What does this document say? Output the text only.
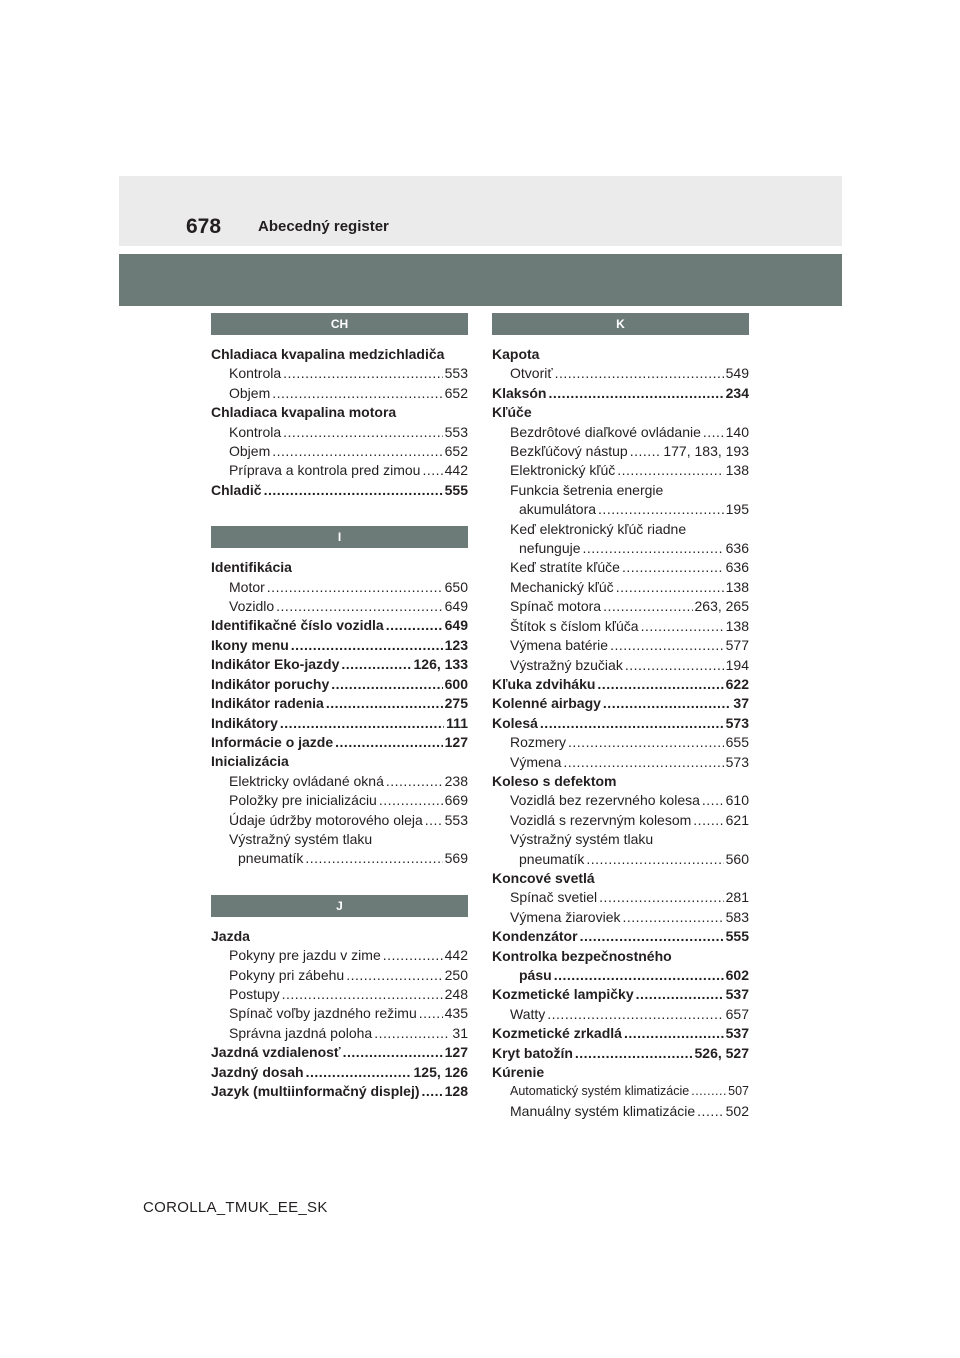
678 Abecedný register
CH
Chladiaca kvapalina medzichladiča
Kontrola .....	553
Objem .....	652
Chladiaca kvapalina motora
Kontrola .....	553
Objem .....	652
Príprava a kontrola pred zimou ..... 442
Chladič .....	555
I
Identifikácia
Motor .....	650
Vozidlo .....	649
Identifikačné číslo vozidla .....	649
Ikony menu .....	123
Indikátor Eko-jazdy .....	126, 133
Indikátor poruchy .....	600
Indikátor radenia .....	275
Indikátory .....	111
Informácie o jazde .....	127
Inicializácia
Elektricky ovládané okná .....	238
Položky pre inicializáciu .....	669
Údaje údržby motorového oleja ..... 553
Výstražný systém tlaku
pneumatík .....	569
J
Jazda
Pokyny pre jazdu v zime .....	442
Pokyny pri zábehu .....	250
Postupy .....	248
Spínač voľby jazdného režimu ..... 435
Správna jazdná poloha .....	31
Jazdná vzdialenosť .....	127
Jazdný dosah .....	125, 126
Jazyk (multiinformačný displej) ..... 128
K
Kapota
Otvoriť .....	549
Klaksón .....	234
Kľúče
Bezdrôtové diaľkové ovládanie ..... 140
Bezkľúčový nástup .....	177, 183, 193
Elektronický kľúč .....	138
Funkcia šetrenia energie
akumulátora .....	195
Keď elektronický kľúč riadne
nefunguje .....	636
Keď stratíte kľúče .....	636
Mechanický kľúč .....	138
Spínač motora .....	263, 265
Štítok s číslom kľúča .....	138
Výmena batérie .....	577
Výstražný bzučiak .....	194
Kľuka zdviháku .....	622
Kolenné airbagy .....	37
Kolesá .....	573
Rozmery .....	655
Výmena .....	573
Koleso s defektom
Vozidlá bez rezervného kolesa ..... 610
Vozidlá s rezervným kolesom ..... 621
Výstražný systém tlaku
pneumatík .....	560
Koncové svetlá
Spínač svetiel .....	281
Výmena žiaroviek .....	583
Kondenzátor .....	555
Kontrolka bezpečnostného
pásu .....	602
Kozmetické lampičky .....	537
Watty .....	657
Kozmetické zrkadlá .....	537
Kryt batožín .....	526, 527
Kúrenie
Automatický systém klimatizácie .....	507
Manuálny systém klimatizácie ..... 502
COROLLA_TMUK_EE_SK
